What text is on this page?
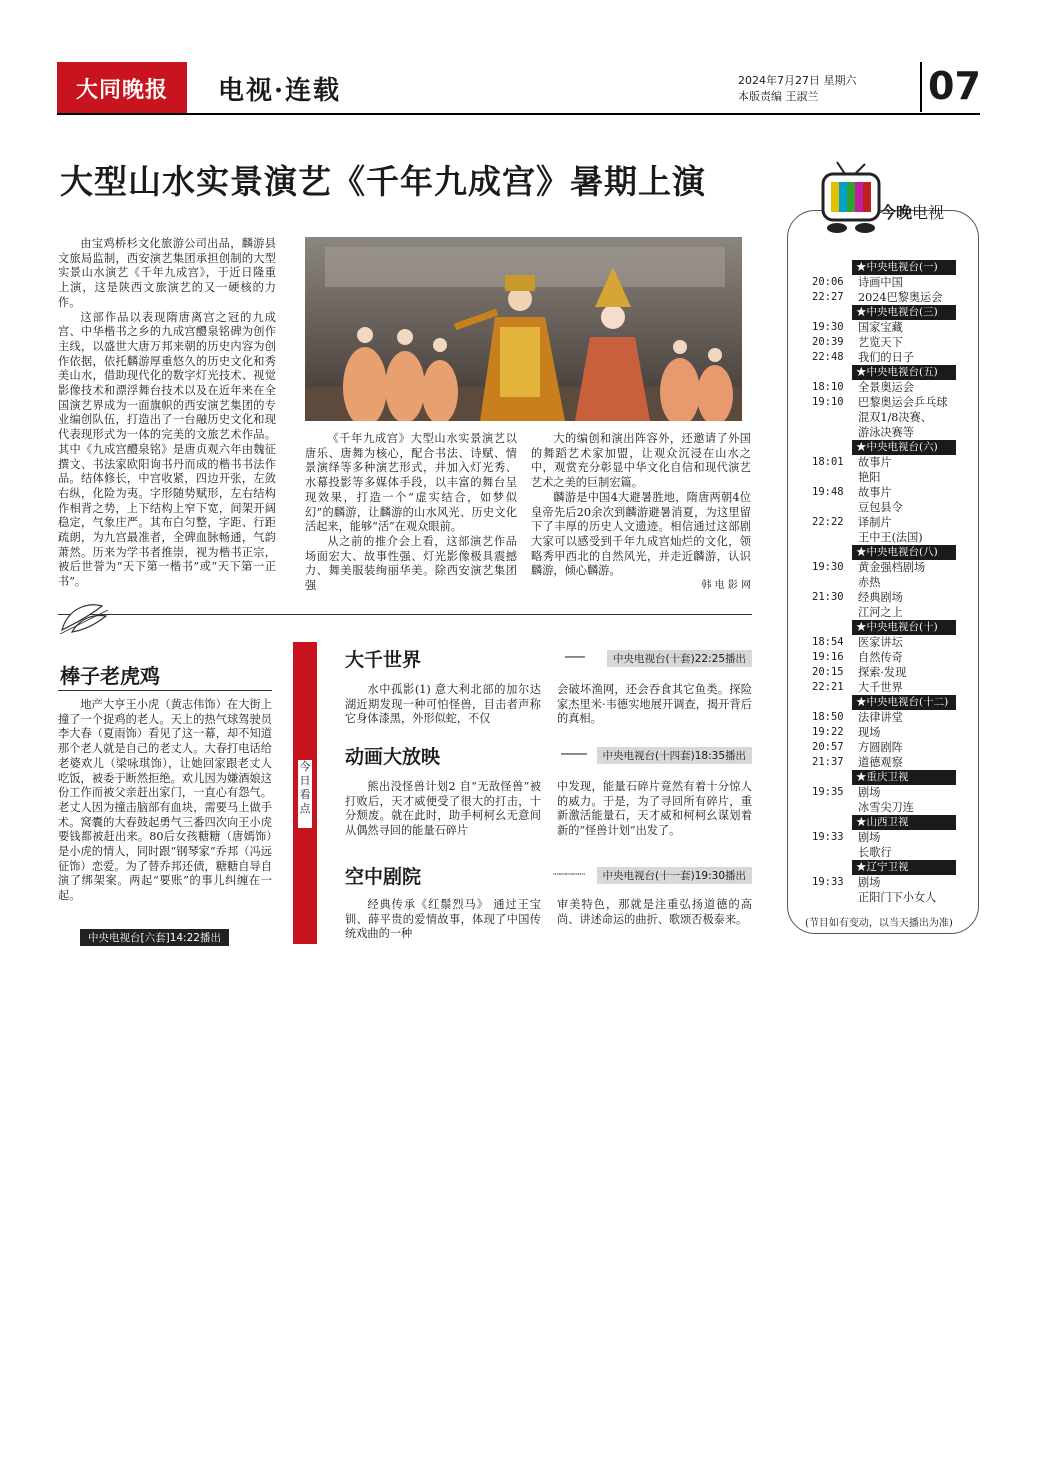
大同晚报	电视·连载	2024年7月27日 星期六
本版责编 王淑兰	07
大型山水实景演艺《千年九成宫》暑期上演

由宝鸡桥杉文化旅游公司出品，麟游县文旅局监制，西安演艺集团承担创制的大型实景山水演艺《千年九成宫》，于近日隆重上演，这是陕西文旅演艺的又一硬核的力作。

这部作品以表现隋唐离宫之冠的九成宫、中华楷书之乡的九成宫醴泉铭碑为创作主线，以盛世大唐万邦来朝的历史内容为创作依据，依托麟游厚重悠久的历史文化和秀美山水，借助现代化的数字灯光技术、视觉影像技术和漂浮舞台技术以及在近年来在全国演艺界成为一面旗帜的西安演艺集团的专业编创队伍，打造出了一台融历史文化和现代表现形式为一体的完美的文旅艺术作品。其中《九成宫醴泉铭》是唐贞观六年由魏征撰文、书法家欧阳询书丹而成的楷书书法作品。结体修长，中宫收紧，四边开张，左敛右纵，化险为夷。字形随势赋形，左右结构作相背之势，上下结构上窄下宽，间架开阔稳定，气象庄严。其布白匀整，字距、行距疏朗，为九宫最准者，全碑血脉畅通，气韵萧然。历来为学书者推崇，视为楷书正宗，被后世誉为“天下第一楷书”或“天下第一正书”。

《千年九成宫》大型山水实景演艺以唐乐、唐舞为核心，配合书法、诗赋、情景演绎等多种演艺形式，并加入灯光秀、水幕投影等多媒体手段，以丰富的舞台呈现效果，打造一个“虚实结合，如梦似幻”的麟游，让麟游的山水风光、历史文化活起来，能够“活”在观众眼前。

从之前的推介会上看，这部演艺作品场面宏大、故事性强、灯光影像极具震撼力、舞美服装绚丽华美。除西安演艺集团强

大的编创和演出阵容外，还邀请了外国的舞蹈艺术家加盟，让观众沉浸在山水之中，观赏充分彰显中华文化自信和现代演艺艺术之美的巨制宏篇。

麟游是中国4大避暑胜地，隋唐两朝4位皇帝先后20余次到麟游避暑消夏，为这里留下了丰厚的历史人文遗迹。相信通过这部剧大家可以感受到千年九成宫灿烂的文化，领略秀甲西北的自然风光，并走近麟游，认识麟游，倾心麟游。

韩 电 影 网
棒子老虎鸡

地产大亨王小虎（黄志伟饰）在大街上撞了一个捉鸡的老人。天上的热气球驾驶员李大春（夏雨饰）看见了这一幕，却不知道那个老人就是自己的老丈人。大春打电话给老婆欢儿（梁咏琪饰），让她回家跟老丈人吃饭，被委于断然拒绝。欢儿因为嫌酒娘这份工作而被父亲赶出家门，一直心有怨气。老丈人因为撞击脑部有血块，需要马上做手术。窝囊的大春鼓起勇气三番四次向王小虎要钱都被赶出来。80后女孩糖糖（唐嫣饰）是小虎的情人，同时跟“钢琴家”乔邦（冯远征饰）恋爱。为了替乔邦还债，糖糖自导自演了绑架案。两起“要账”的事儿纠缠在一起。

中央电视台[六套]14:22播出
今日看点
大千世界	───	中央电视台(十套)22:25播出

水中孤影(1) 意大利北部的加尔达湖近期发现一种可怕怪兽，目击者声称它身体漆黑，外形似蛇，不仅

会破坏渔网，还会吞食其它鱼类。探险家杰里米·韦德实地展开调查，揭开背后的真相。

动画大放映	────	中央电视台(十四套)18:35播出

熊出没怪兽计划2 自“无敌怪兽”被打败后，天才威便受了很大的打击，十分颓废。就在此时，助手柯柯幺无意间从偶然寻回的能量石碎片

中发现，能量石碎片竟然有着十分惊人的威力。于是，为了寻回所有碎片，重新激活能量石，天才威和柯柯幺谋划着新的“怪兽计划”出发了。

空中剧院	┈┈┈┈┈	中央电视台(十一套)19:30播出

经典传承《红鬃烈马》 通过王宝钏、薛平贵的爱情故事，体现了中国传统戏曲的一种

审美特色，那就是注重弘扬道德的高尚、讲述命运的曲折、歌颂否极泰来。

今晚电视
★中央电视台(一)
20:06 诗画中国
22:27 2024巴黎奥运会
★中央电视台(三)
19:30 国家宝藏
20:39 艺览天下
22:48 我们的日子
★中央电视台(五)
18:10 全景奥运会
19:10 巴黎奥运会乒乓球
混双1/8决赛、
游泳决赛等
★中央电视台(六)
18:01 故事片
艳阳
19:48 故事片
豆包县令
22:22 译制片
王中王(法国)
★中央电视台(八)
19:30 黄金强档剧场
赤热
21:30 经典剧场
江河之上
★中央电视台(十)
18:54 医家讲坛
19:16 自然传奇
20:15 探索·发现
22:21 大千世界
★中央电视台(十二)
18:50 法律讲堂
19:22 现场
20:57 方圆剧阵
21:37 道德观察
★重庆卫视
19:35 剧场
冰雪尖刀连
★山西卫视
19:33 剧场
长歌行
★辽宁卫视
19:33 剧场
正阳门下小女人
(节目如有变动，以当天播出为准)
